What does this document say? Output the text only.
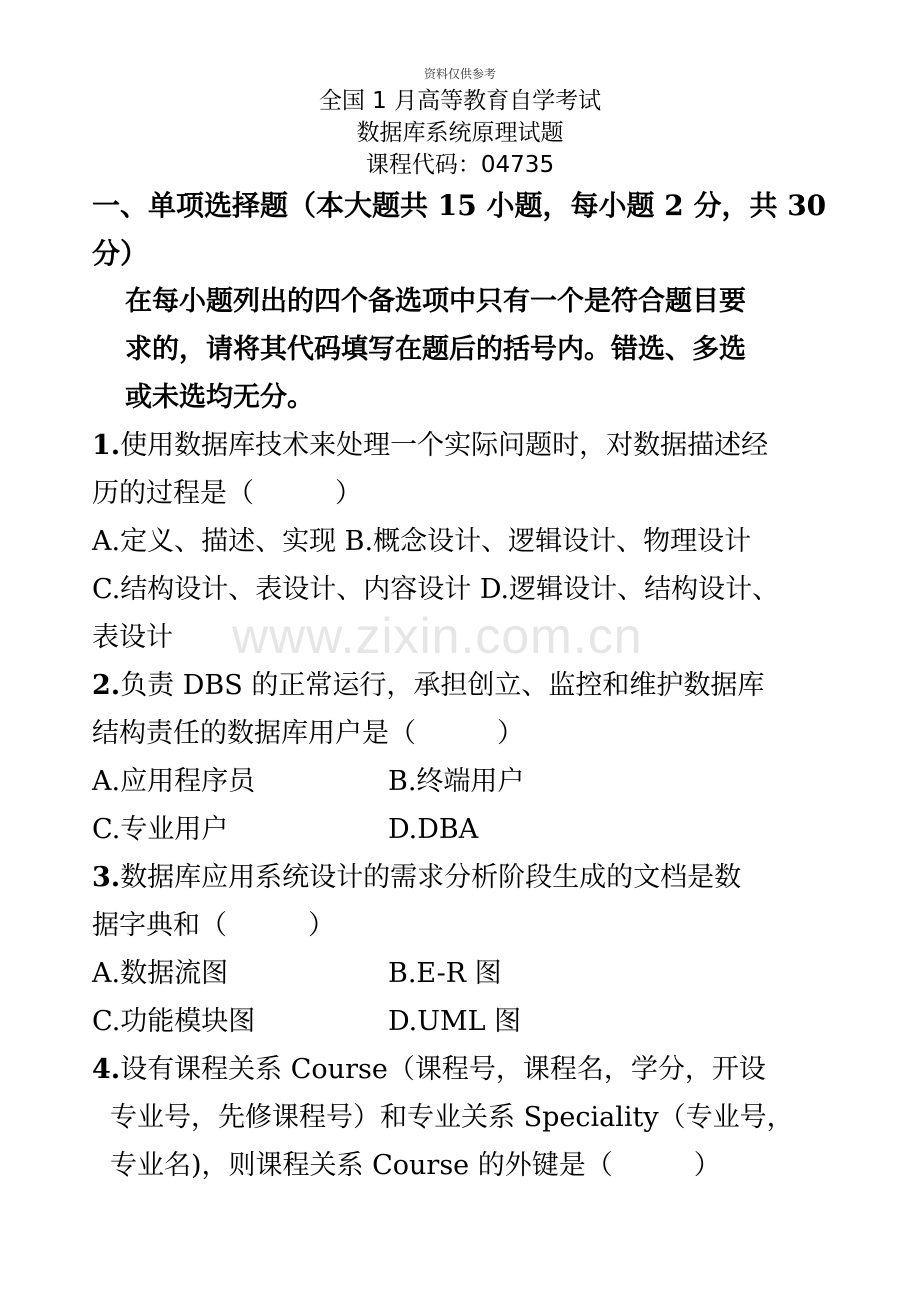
资料仅供参考
全国 1 月高等教育自学考试
数据库系统原理试题
课程代码：04735
一、单项选择题（本大题共 15 小题，每小题 2 分，共 30
分）
在每小题列出的四个备选项中只有一个是符合题目要
求的，请将其代码填写在题后的括号内。错选、多选
或未选均无分。
1.使用数据库技术来处理一个实际问题时，对数据描述经
历的过程是（　　　）
A.定义、描述、实现 B.概念设计、逻辑设计、物理设计
C.结构设计、表设计、内容设计 D.逻辑设计、结构设计、
表设计 www.zixin.com.cn
2.负责 DBS 的正常运行，承担创立、监控和维护数据库
结构责任的数据库用户是（　　　）
A.应用程序员	B.终端用户
C.专业用户	D.DBA
3.数据库应用系统设计的需求分析阶段生成的文档是数
据字典和（　　　）
A.数据流图	B.E-R 图
C.功能模块图	D.UML 图
4.设有课程关系 Course（课程号，课程名，学分，开设
专业号，先修课程号）和专业关系 Speciality（专业号，
专业名)，则课程关系 Course 的外键是（　　　）
